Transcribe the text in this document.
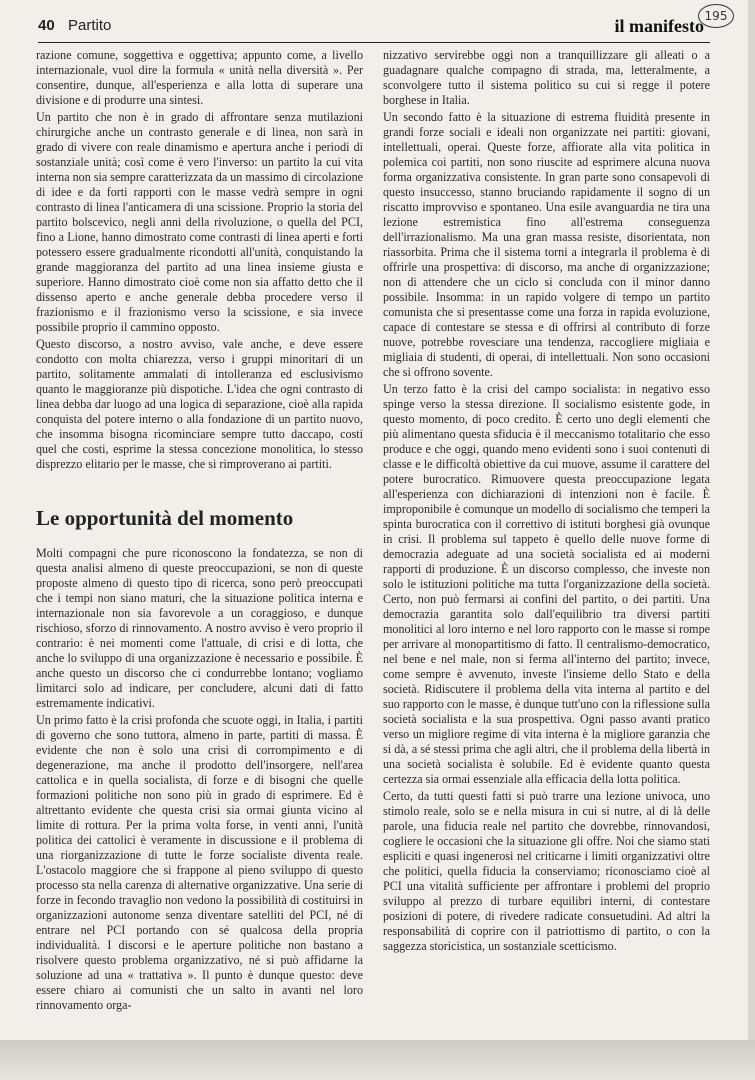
40 Partito	il manifesto 195

razione comune, soggettiva e oggettiva; appunto come, a livello internazionale, vuol dire la formula « unità nella diversità ». Per consentire, dunque, all'esperienza e alla lotta di superare una divisione e di produrre una sintesi.

Un partito che non è in grado di affrontare senza mutilazioni chirurgiche anche un contrasto generale e di linea, non sarà in grado di vivere con reale dinamismo e apertura anche i periodi di sostanziale unità; così come è vero l'inverso: un partito la cui vita interna non sia sempre caratterizzata da un massimo di circolazione di idee e da forti rapporti con le masse vedrà sempre in ogni contrasto di linea l'anticamera di una scissione. Proprio la storia del partito bolscevico, negli anni della rivoluzione, o quella del PCI, fino a Lione, hanno dimostrato come contrasti di linea aperti e forti potessero essere gradualmente ricondotti all'unità, conquistando la grande maggioranza del partito ad una linea insieme giusta e superiore. Hanno dimostrato cioè come non sia affatto detto che il dissenso aperto e anche generale debba procedere verso il frazionismo e il frazionismo verso la scissione, e sia invece possibile proprio il cammino opposto.

Questo discorso, a nostro avviso, vale anche, e deve essere condotto con molta chiarezza, verso i gruppi minoritari di un partito, solitamente ammalati di intolleranza ed esclusivismo quanto le maggioranze più dispotiche. L'idea che ogni contrasto di linea debba dar luogo ad una logica di separazione, cioè alla rapida conquista del potere interno o alla fondazione di un partito nuovo, che insomma bisogna ricominciare sempre tutto daccapo, costi quel che costi, esprime la stessa concezione monolitica, lo stesso disprezzo elitario per le masse, che si rimproverano ai partiti.

Le opportunità del momento

Molti compagni che pure riconoscono la fondatezza, se non di questa analisi almeno di queste preoccupazioni, se non di queste proposte almeno di questo tipo di ricerca, sono però preoccupati che i tempi non siano maturi, che la situazione politica interna e internazionale non sia favorevole a un coraggioso, e dunque rischioso, sforzo di rinnovamento. A nostro avviso è vero proprio il contrario: è nei momenti come l'attuale, di crisi e di lotta, che anche lo sviluppo di una organizzazione è necessario e possibile. È anche questo un discorso che ci condurrebbe lontano; vogliamo limitarci solo ad indicare, per concludere, alcuni dati di fatto estremamente indicativi.

Un primo fatto è la crisi profonda che scuote oggi, in Italia, i partiti di governo che sono tuttora, almeno in parte, partiti di massa. È evidente che non è solo una crisi di corrompimento e di degenerazione, ma anche il prodotto dell'insorgere, nell'area cattolica e in quella socialista, di forze e di bisogni che quelle formazioni politiche non sono più in grado di esprimere. Ed è altrettanto evidente che questa crisi sia ormai giunta vicino al limite di rottura. Per la prima volta forse, in venti anni, l'unità politica dei cattolici è veramente in discussione e il problema di una riorganizzazione di tutte le forze socialiste diventa reale. L'ostacolo maggiore che si frappone al pieno sviluppo di questo processo sta nella carenza di alternative organizzative. Una serie di forze in fecondo travaglio non vedono la possibilità di costituirsi in organizzazioni autonome senza diventare satelliti del PCI, né di entrare nel PCI portando con sé qualcosa della propria individualità. I discorsi e le aperture politiche non bastano a risolvere questo problema organizzativo, né si può affidarne la soluzione ad una « trattativa ». Il punto è dunque questo: deve essere chiaro ai comunisti che un salto in avanti nel loro rinnovamento orga-

nizzativo servirebbe oggi non a tranquillizzare gli alleati o a guadagnare qualche compagno di strada, ma, letteralmente, a sconvolgere tutto il sistema politico su cui si regge il potere borghese in Italia.

Un secondo fatto è la situazione di estrema fluidità presente in grandi forze sociali e ideali non organizzate nei partiti: giovani, intellettuali, operai. Queste forze, affiorate alla vita politica in polemica coi partiti, non sono riuscite ad esprimere alcuna nuova forma organizzativa consistente. In gran parte sono consapevoli di questo insuccesso, stanno bruciando rapidamente il sogno di un riscatto improvviso e spontaneo. Una esile avanguardia ne tira una lezione estremistica fino all'estrema conseguenza dell'irrazionalismo. Ma una gran massa resiste, disorientata, non riassorbita. Prima che il sistema torni a integrarla il problema è di offrirle una prospettiva: di discorso, ma anche di organizzazione; non di attendere che un ciclo si concluda con il minor danno possibile. Insomma: in un rapido volgere di tempo un partito comunista che si presentasse come una forza in rapida evoluzione, capace di contestare se stessa e di offrirsi al contributo di forze nuove, potrebbe rovesciare una tendenza, raccogliere migliaia e migliaia di studenti, di operai, di intellettuali. Non sono occasioni che si offrono sovente.

Un terzo fatto è la crisi del campo socialista: in negativo esso spinge verso la stessa direzione. Il socialismo esistente gode, in questo momento, di poco credito. È certo uno degli elementi che più alimentano questa sfiducia è il meccanismo totalitario che esso produce e che oggi, quando meno evidenti sono i suoi contenuti di classe e le difficoltà obiettive da cui muove, assume il carattere del potere burocratico. Rimuovere questa preoccupazione legata all'esperienza con dichiarazioni di intenzioni non è facile. È improponibile è comunque un modello di socialismo che temperi la spinta burocratica con il correttivo di istituti borghesi già ovunque in crisi. Il problema sul tappeto è quello delle nuove forme di democrazia adeguate ad una società socialista ed ai moderni rapporti di produzione. È un discorso complesso, che investe non solo le istituzioni politiche ma tutta l'organizzazione della società. Certo, non può fermarsi ai confini del partito, o dei partiti. Una democrazia garantita solo dall'equilibrio tra diversi partiti monolitici al loro interno e nel loro rapporto con le masse si rompe per arrivare al monopartitismo di fatto. Il centralismo-democratico, nel bene e nel male, non si ferma all'interno del partito; invece, come sempre è avvenuto, investe l'insieme dello Stato e della società. Ridiscutere il problema della vita interna al partito e del suo rapporto con le masse, è dunque tutt'uno con la riflessione sulla società socialista e la sua prospettiva. Ogni passo avanti pratico verso un migliore regime di vita interna è la migliore garanzia che si dà, a sé stessi prima che agli altri, che il problema della libertà in una società socialista è solubile. Ed è evidente quanto questa certezza sia ormai essenziale alla efficacia della lotta politica.

Certo, da tutti questi fatti si può trarre una lezione univoca, uno stimolo reale, solo se e nella misura in cui si nutre, al di là delle parole, una fiducia reale nel partito che dovrebbe, rinnovandosi, cogliere le occasioni che la situazione gli offre. Noi che siamo stati espliciti e quasi ingenerosi nel criticarne i limiti organizzativi oltre che politici, quella fiducia la conserviamo; riconosciamo cioè al PCI una vitalità sufficiente per affrontare i problemi del proprio sviluppo al prezzo di turbare equilibri interni, di contestare posizioni di potere, di rivedere radicate consuetudini. Ad altri la responsabilità di coprire con il patriottismo di partito, o con la saggezza storicistica, un sostanziale scetticismo.
